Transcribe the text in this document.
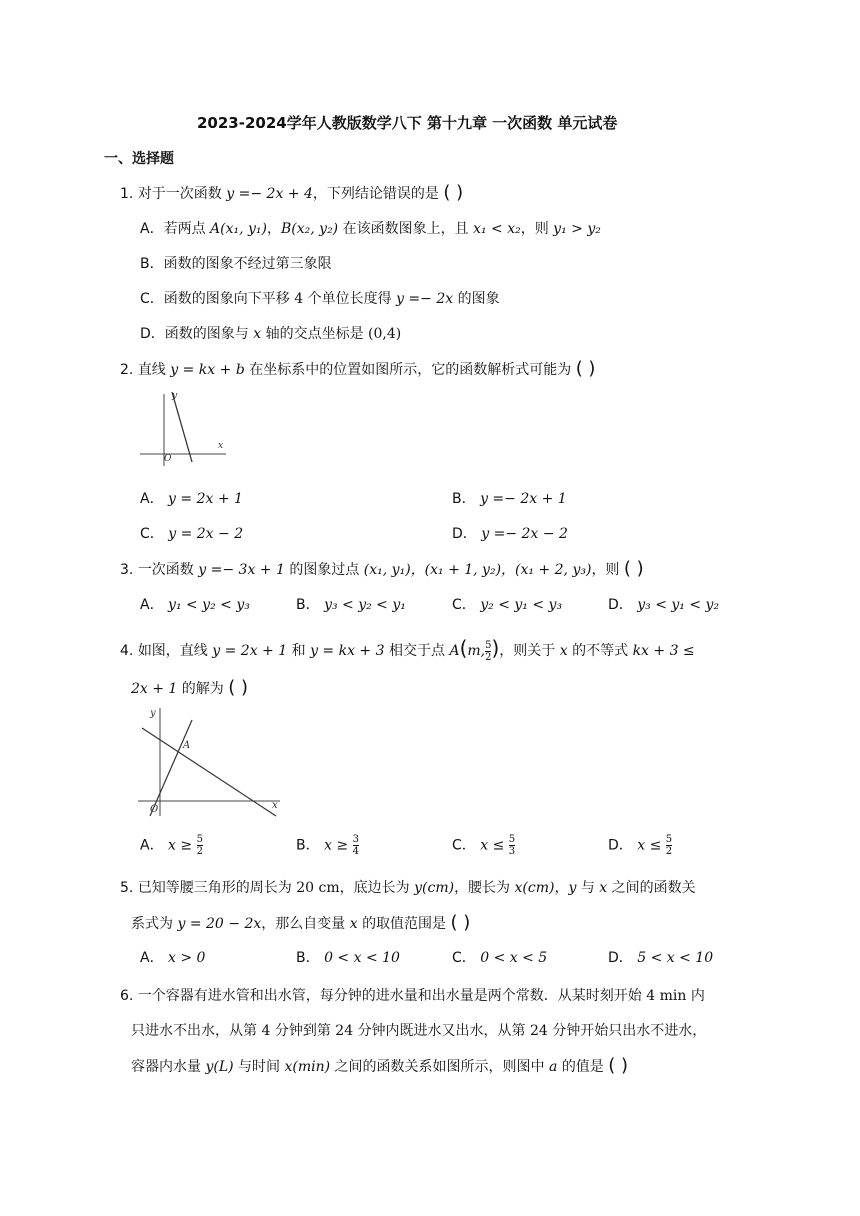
2023-2024学年人教版数学八下 第十九章 一次函数 单元试卷
一、选择题
1. 对于一次函数 y =− 2x + 4，下列结论错误的是 ( )
A．若两点 A(x₁, y₁)，B(x₂, y₂) 在该函数图象上，且 x₁ < x₂，则 y₁ > y₂
B．函数的图象不经过第三象限
C．函数的图象向下平移 4 个单位长度得 y =− 2x 的图象
D．函数的图象与 x 轴的交点坐标是 (0,4)
2. 直线 y = kx + b 在坐标系中的位置如图所示，它的函数解析式可能为 ( )
y
x
O
A． y = 2x + 1	B． y =− 2x + 1
C． y = 2x − 2	D． y =− 2x − 2
3. 一次函数 y =− 3x + 1 的图象过点 (x₁, y₁)，(x₁ + 1, y₂)，(x₁ + 2, y₃)，则 ( )
A． y₁ < y₂ < y₃	B． y₃ < y₂ < y₁	C． y₂ < y₁ < y₃	D． y₃ < y₁ < y₂
4. 如图，直线 y = 2x + 1 和 y = kx + 3 相交于点 A(m, $\frac{5}{2}$ )，则关于 x 的不等式 kx + 3 ≤
2x + 1 的解为 ( )
y
x
O
A
A． $x \ge \frac{5}{2}$	B． $x \ge \frac{3}{4}$	C． $x \le \frac{5}{3}$	D． $x \le \frac{5}{2}$
5. 已知等腰三角形的周长为 20 cm，底边长为 y(cm)，腰长为 x(cm)，y 与 x 之间的函数关
系式为 y = 20 − 2x，那么自变量 x 的取值范围是 ( )
A． x > 0	B． 0 < x < 10	C． 0 < x < 5	D． 5 < x < 10
6. 一个容器有进水管和出水管，每分钟的进水量和出水量是两个常数．从某时刻开始 4 min 内
只进水不出水，从第 4 分钟到第 24 分钟内既进水又出水，从第 24 分钟开始只出水不进水，
容器内水量 y(L) 与时间 x(min) 之间的函数关系如图所示，则图中 a 的值是 ( )
